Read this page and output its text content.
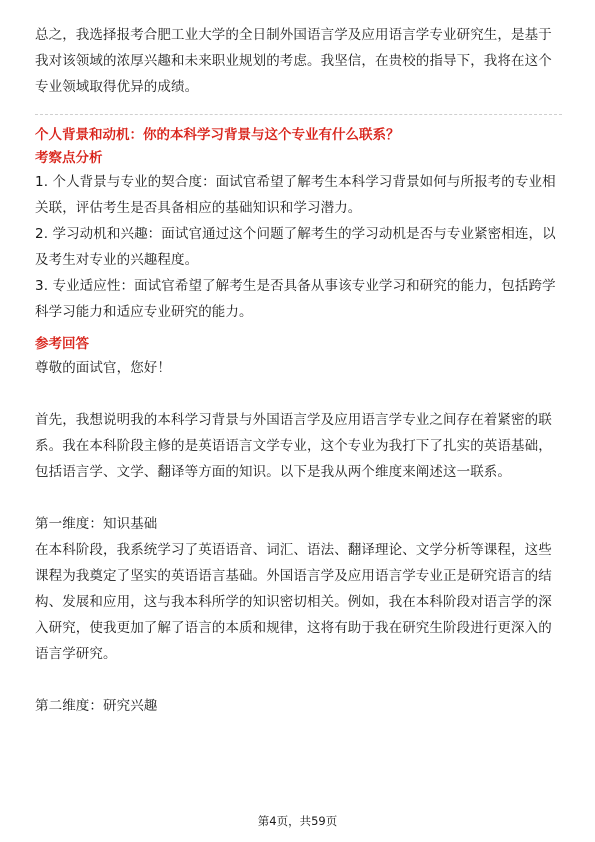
总之，我选择报考合肥工业大学的全日制外国语言学及应用语言学专业研究生，是基于我对该领域的浓厚兴趣和未来职业规划的考虑。我坚信，在贵校的指导下，我将在这个专业领域取得优异的成绩。

个人背景和动机：你的本科学习背景与这个专业有什么联系？
考察点分析

1. 个人背景与专业的契合度：面试官希望了解考生本科学习背景如何与所报考的专业相关联，评估考生是否具备相应的基础知识和学习潜力。

2. 学习动机和兴趣：面试官通过这个问题了解考生的学习动机是否与专业紧密相连，以及考生对专业的兴趣程度。

3. 专业适应性：面试官希望了解考生是否具备从事该专业学习和研究的能力，包括跨学科学习能力和适应专业研究的能力。

参考回答

尊敬的面试官，您好！

首先，我想说明我的本科学习背景与外国语言学及应用语言学专业之间存在着紧密的联系。我在本科阶段主修的是英语语言文学专业，这个专业为我打下了扎实的英语基础，包括语言学、文学、翻译等方面的知识。以下是我从两个维度来阐述这一联系。

第一维度：知识基础

在本科阶段，我系统学习了英语语音、词汇、语法、翻译理论、文学分析等课程，这些课程为我奠定了坚实的英语语言基础。外国语言学及应用语言学专业正是研究语言的结构、发展和应用，这与我本科所学的知识密切相关。例如，我在本科阶段对语言学的深入研究，使我更加了解了语言的本质和规律，这将有助于我在研究生阶段进行更深入的语言学研究。

第二维度：研究兴趣

第4页，共59页
